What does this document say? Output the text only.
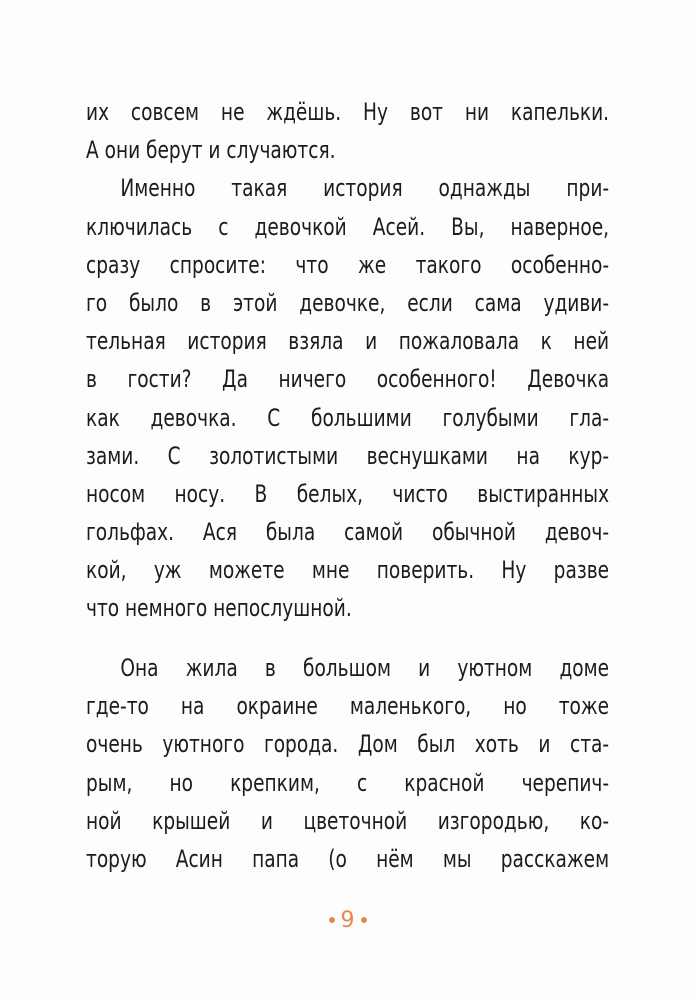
их совсем не ждёшь. Ну вот ни капельки.
А они берут и случаются.
Именно такая история однажды при-
ключилась с девочкой Асей. Вы, наверное,
сразу спросите: что же такого особенно-
го было в этой девочке, если сама удиви-
тельная история взяла и пожаловала к ней
в гости? Да ничего особенного! Девочка
как девочка. С большими голубыми гла-
зами. С золотистыми веснушками на кур-
носом носу. В белых, чисто выстиранных
гольфах. Ася была самой обычной девоч-
кой, уж можете мне поверить. Ну разве
что немного непослушной.
Она жила в большом и уютном доме
где-то на окраине маленького, но тоже
очень уютного города. Дом был хоть и ста-
рым, но крепким, с красной черепич-
ной крышей и цветочной изгородью, ко-
торую Асин папа (о нём мы расскажем
9
